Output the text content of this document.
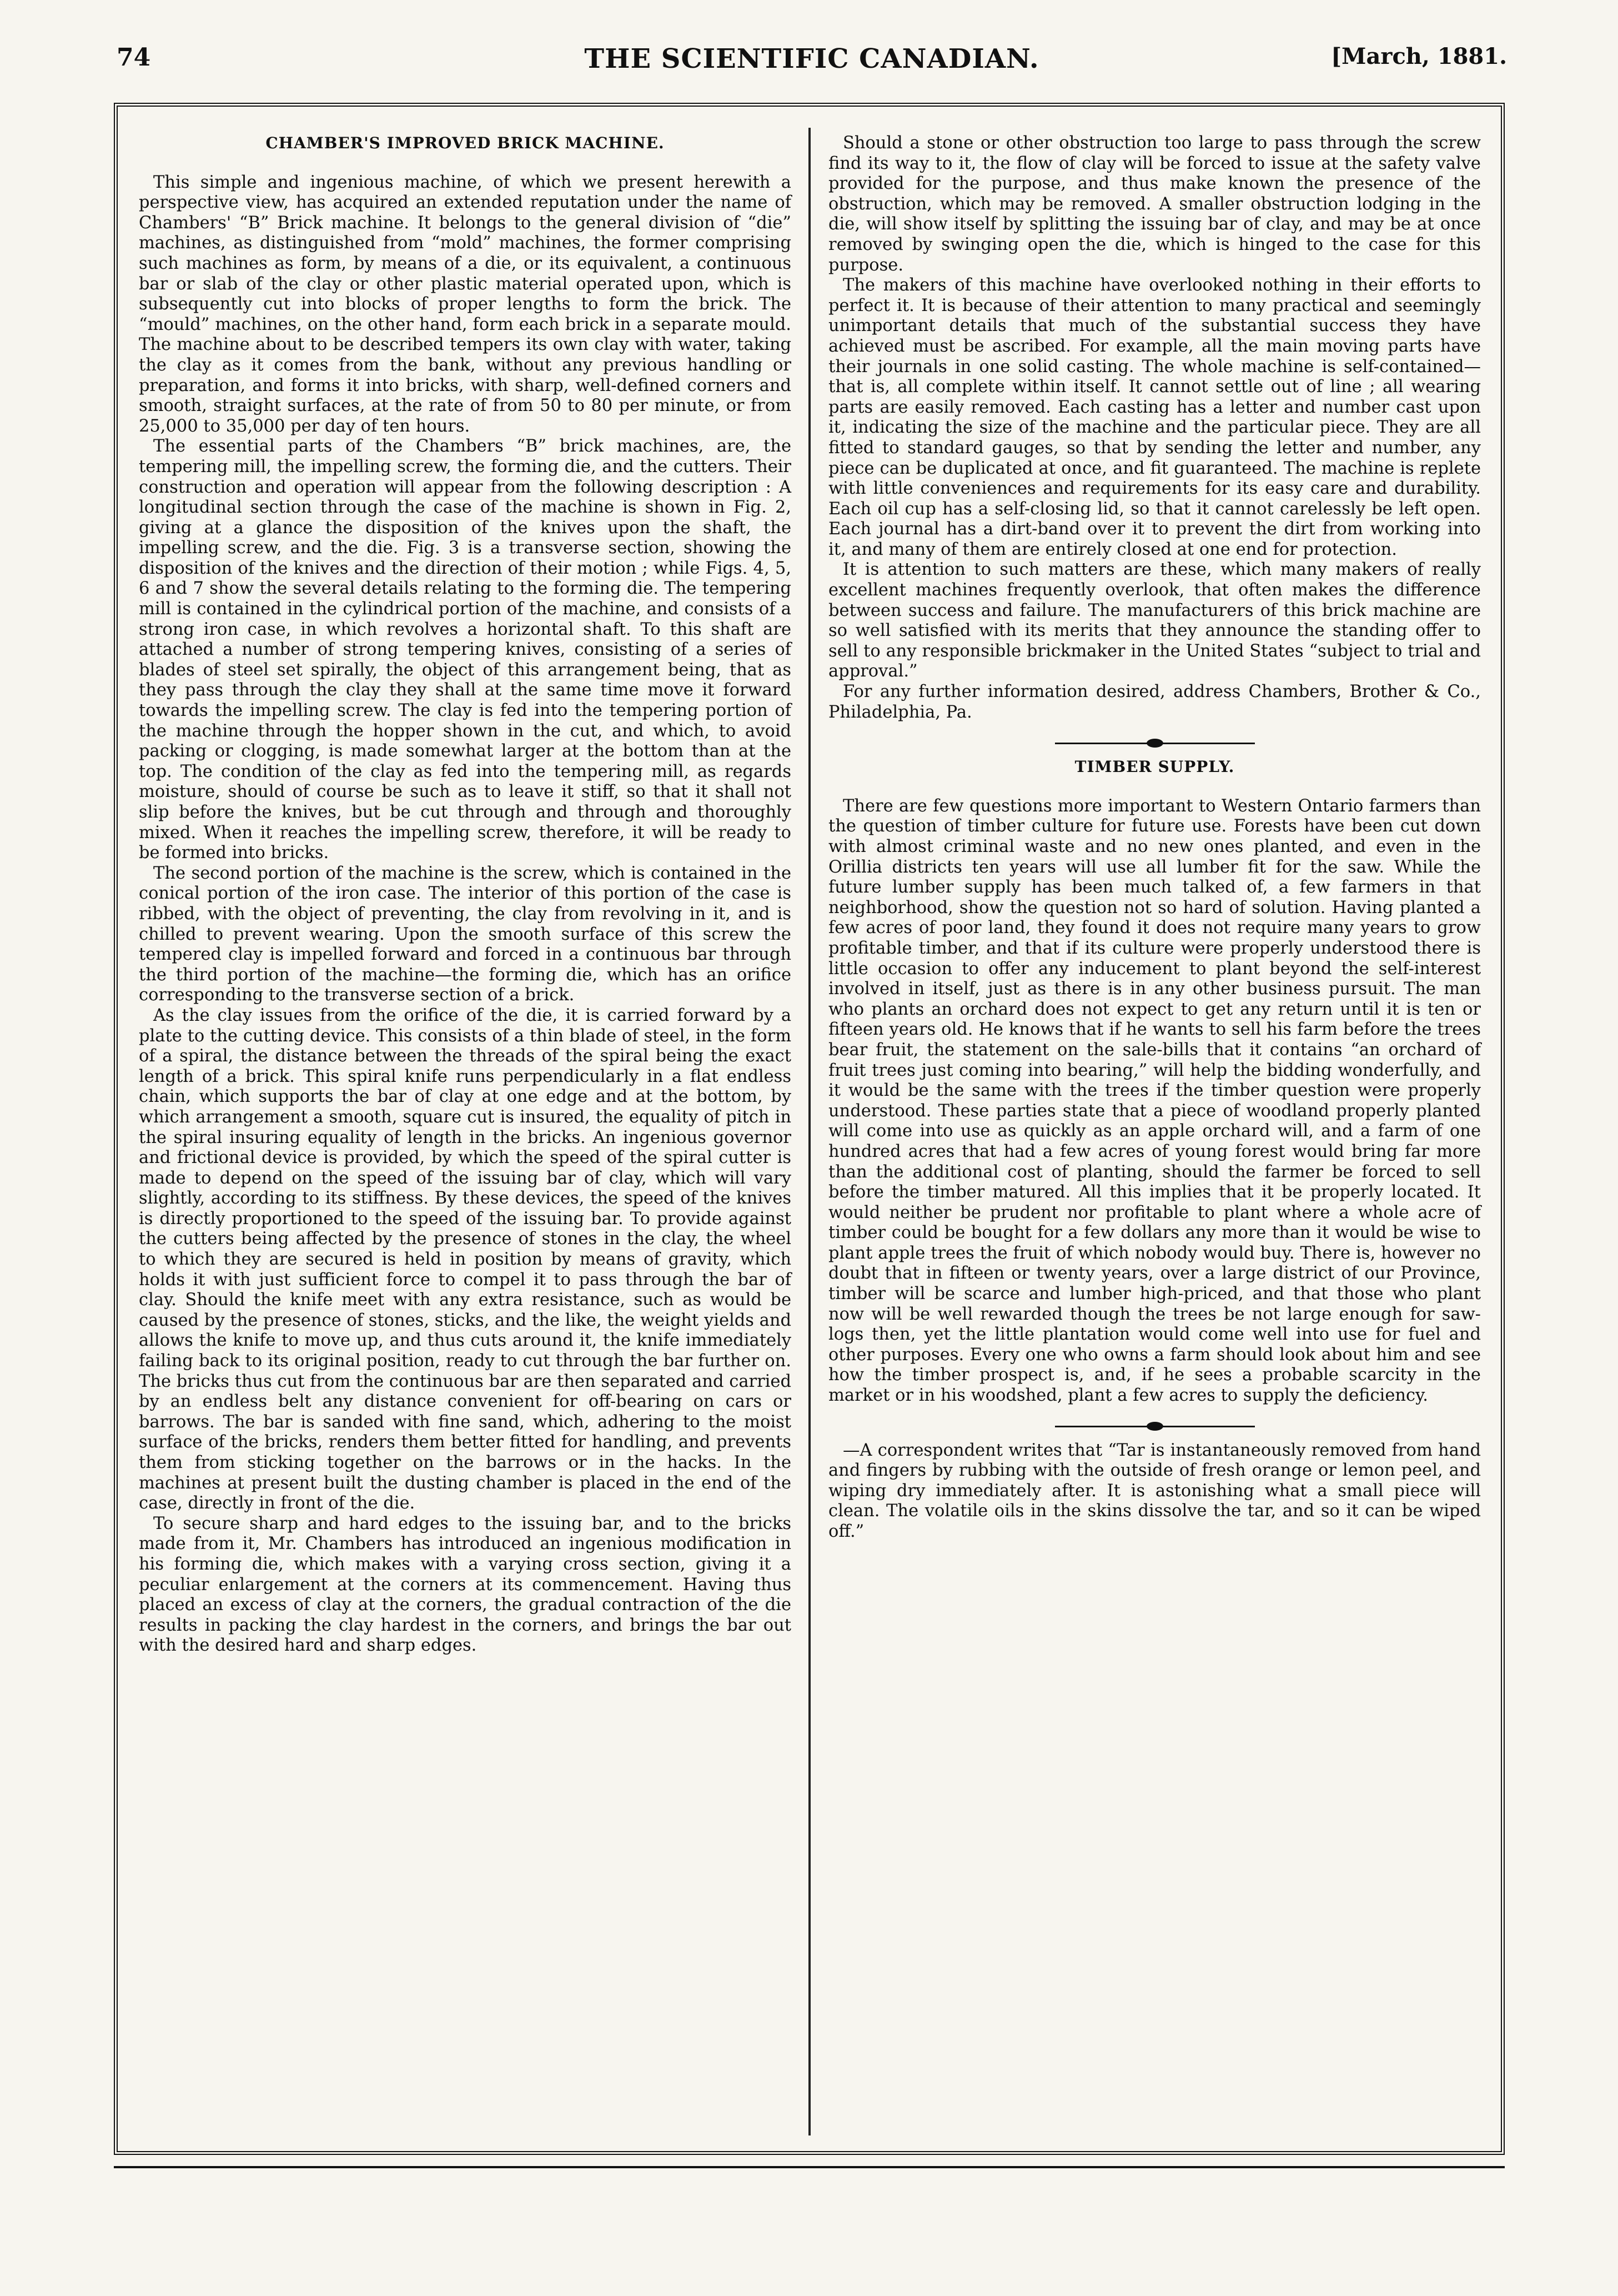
74	THE SCIENTIFIC CANADIAN.	[March, 1881.
CHAMBER'S IMPROVED BRICK MACHINE.

This simple and ingenious machine, of which we present herewith a perspective view, has acquired an extended reputation under the name of Chambers' “B” Brick machine. It belongs to the general division of “die” machines, as distinguished from “mold” machines, the former comprising such machines as form, by means of a die, or its equivalent, a continuous bar or slab of the clay or other plastic material operated upon, which is subsequently cut into blocks of proper lengths to form the brick. The “mould” machines, on the other hand, form each brick in a separate mould. The machine about to be described tempers its own clay with water, taking the clay as it comes from the bank, without any previous handling or preparation, and forms it into bricks, with sharp, well-defined corners and smooth, straight surfaces, at the rate of from 50 to 80 per minute, or from 25,000 to 35,000 per day of ten hours.

The essential parts of the Chambers “B” brick machines, are, the tempering mill, the impelling screw, the forming die, and the cutters. Their construction and operation will appear from the following description : A longitudinal section through the case of the machine is shown in Fig. 2, giving at a glance the disposition of the knives upon the shaft, the impelling screw, and the die. Fig. 3 is a transverse section, showing the disposition of the knives and the direction of their motion ; while Figs. 4, 5, 6 and 7 show the several details relating to the forming die. The tempering mill is contained in the cylindrical portion of the machine, and consists of a strong iron case, in which revolves a horizontal shaft. To this shaft are attached a number of strong tempering knives, consisting of a series of blades of steel set spirally, the object of this arrangement being, that as they pass through the clay they shall at the same time move it forward towards the impelling screw. The clay is fed into the tempering portion of the machine through the hopper shown in the cut, and which, to avoid packing or clogging, is made somewhat larger at the bottom than at the top. The condition of the clay as fed into the tempering mill, as regards moisture, should of course be such as to leave it stiff, so that it shall not slip before the knives, but be cut through and through and thoroughly mixed. When it reaches the impelling screw, therefore, it will be ready to be formed into bricks.

The second portion of the machine is the screw, which is contained in the conical portion of the iron case. The interior of this portion of the case is ribbed, with the object of preventing, the clay from revolving in it, and is chilled to prevent wearing. Upon the smooth surface of this screw the tempered clay is impelled forward and forced in a continuous bar through the third portion of the machine—the forming die, which has an orifice corresponding to the transverse section of a brick.

As the clay issues from the orifice of the die, it is carried forward by a plate to the cutting device. This consists of a thin blade of steel, in the form of a spiral, the distance between the threads of the spiral being the exact length of a brick. This spiral knife runs perpendicularly in a flat endless chain, which supports the bar of clay at one edge and at the bottom, by which arrangement a smooth, square cut is insured, the equality of pitch in the spiral insuring equality of length in the bricks. An ingenious governor and frictional device is provided, by which the speed of the spiral cutter is made to depend on the speed of the issuing bar of clay, which will vary slightly, according to its stiffness. By these devices, the speed of the knives is directly proportioned to the speed of the issuing bar. To provide against the cutters being affected by the presence of stones in the clay, the wheel to which they are secured is held in position by means of gravity, which holds it with just sufficient force to compel it to pass through the bar of clay. Should the knife meet with any extra resistance, such as would be caused by the presence of stones, sticks, and the like, the weight yields and allows the knife to move up, and thus cuts around it, the knife immediately failing back to its original position, ready to cut through the bar further on. The bricks thus cut from the continuous bar are then separated and carried by an endless belt any distance convenient for off-bearing on cars or barrows. The bar is sanded with fine sand, which, adhering to the moist surface of the bricks, renders them better fitted for handling, and prevents them from sticking together on the barrows or in the hacks. In the machines at present built the dusting chamber is placed in the end of the case, directly in front of the die.

To secure sharp and hard edges to the issuing bar, and to the bricks made from it, Mr. Chambers has introduced an ingenious modification in his forming die, which makes with a varying cross section, giving it a peculiar enlargement at the corners at its commencement. Having thus placed an excess of clay at the corners, the gradual contraction of the die results in packing the clay hardest in the corners, and brings the bar out with the desired hard and sharp edges.

Should a stone or other obstruction too large to pass through the screw find its way to it, the flow of clay will be forced to issue at the safety valve provided for the purpose, and thus make known the presence of the obstruction, which may be removed. A smaller obstruction lodging in the die, will show itself by splitting the issuing bar of clay, and may be at once removed by swinging open the die, which is hinged to the case for this purpose.

The makers of this machine have overlooked nothing in their efforts to perfect it. It is because of their attention to many practical and seemingly unimportant details that much of the substantial success they have achieved must be ascribed. For example, all the main moving parts have their journals in one solid casting. The whole machine is self-contained—that is, all complete within itself. It cannot settle out of line ; all wearing parts are easily removed. Each casting has a letter and number cast upon it, indicating the size of the machine and the particular piece. They are all fitted to standard gauges, so that by sending the letter and number, any piece can be duplicated at once, and fit guaranteed. The machine is replete with little conveniences and requirements for its easy care and durability. Each oil cup has a self-closing lid, so that it cannot carelessly be left open. Each journal has a dirt-band over it to prevent the dirt from working into it, and many of them are entirely closed at one end for protection.

It is attention to such matters are these, which many makers of really excellent machines frequently overlook, that often makes the difference between success and failure. The manufacturers of this brick machine are so well satisfied with its merits that they announce the standing offer to sell to any responsible brickmaker in the United States “subject to trial and approval.”

For any further information desired, address Chambers, Brother & Co., Philadelphia, Pa.

TIMBER SUPPLY.

There are few questions more important to Western Ontario farmers than the question of timber culture for future use. Forests have been cut down with almost criminal waste and no new ones planted, and even in the Orillia districts ten years will use all lumber fit for the saw. While the future lumber supply has been much talked of, a few farmers in that neighborhood, show the question not so hard of solution. Having planted a few acres of poor land, they found it does not require many years to grow profitable timber, and that if its culture were properly understood there is little occasion to offer any inducement to plant beyond the self-interest involved in itself, just as there is in any other business pursuit. The man who plants an orchard does not expect to get any return until it is ten or fifteen years old. He knows that if he wants to sell his farm before the trees bear fruit, the statement on the sale-bills that it contains “an orchard of fruit trees just coming into bearing,” will help the bidding wonderfully, and it would be the same with the trees if the timber question were properly understood. These parties state that a piece of woodland properly planted will come into use as quickly as an apple orchard will, and a farm of one hundred acres that had a few acres of young forest would bring far more than the additional cost of planting, should the farmer be forced to sell before the timber matured. All this implies that it be properly located. It would neither be prudent nor profitable to plant where a whole acre of timber could be bought for a few dollars any more than it would be wise to plant apple trees the fruit of which nobody would buy. There is, however no doubt that in fifteen or twenty years, over a large district of our Province, timber will be scarce and lumber high-priced, and that those who plant now will be well rewarded though the trees be not large enough for saw-logs then, yet the little plantation would come well into use for fuel and other purposes. Every one who owns a farm should look about him and see how the timber prospect is, and, if he sees a probable scarcity in the market or in his woodshed, plant a few acres to supply the deficiency.

—A correspondent writes that “Tar is instantaneously removed from hand and fingers by rubbing with the outside of fresh orange or lemon peel, and wiping dry immediately after. It is astonishing what a small piece will clean. The volatile oils in the skins dissolve the tar, and so it can be wiped off.”
